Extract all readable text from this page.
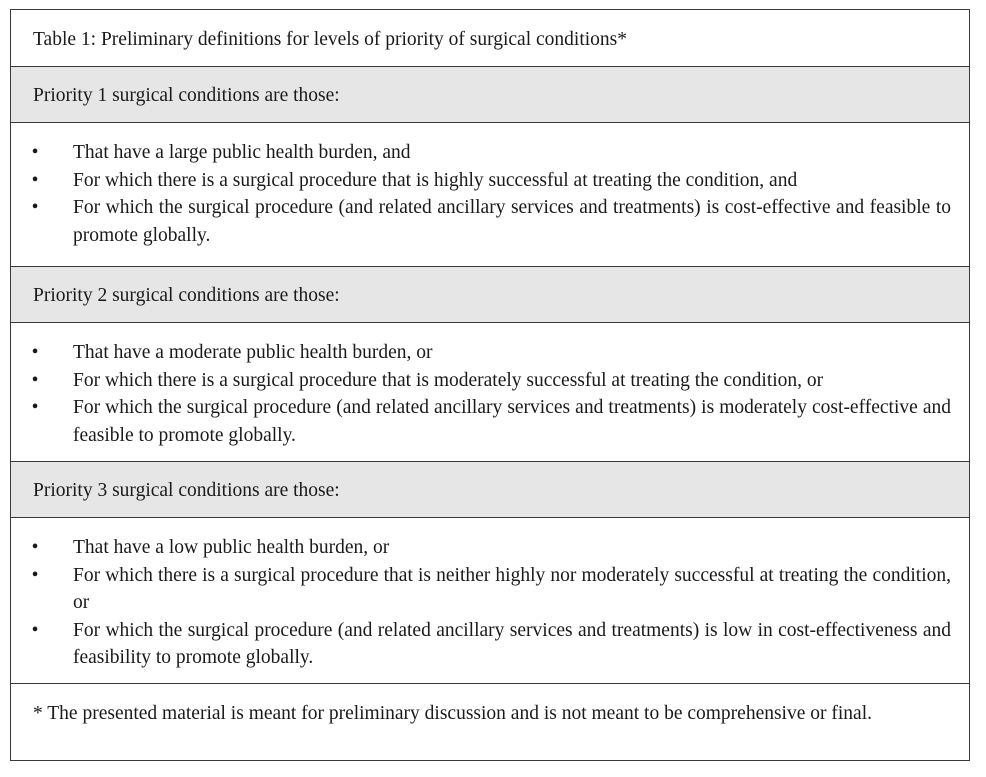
Table 1: Preliminary definitions for levels of priority of surgical conditions*
Priority 1 surgical conditions are those:
• That have a large public health burden, and
• For which there is a surgical procedure that is highly successful at treating the condition, and
• For which the surgical procedure (and related ancillary services and treatments) is cost-effective and feasible to promote globally.
Priority 2 surgical conditions are those:
• That have a moderate public health burden, or
• For which there is a surgical procedure that is moderately successful at treating the condition, or
• For which the surgical procedure (and related ancillary services and treatments) is moderately cost-effective and feasible to promote globally.
Priority 3 surgical conditions are those:
• That have a low public health burden, or
• For which there is a surgical procedure that is neither highly nor moderately successful at treating the condition, or
• For which the surgical procedure (and related ancillary services and treatments) is low in cost-effectiveness and feasibility to promote globally.
* The presented material is meant for preliminary discussion and is not meant to be comprehensive or final.
